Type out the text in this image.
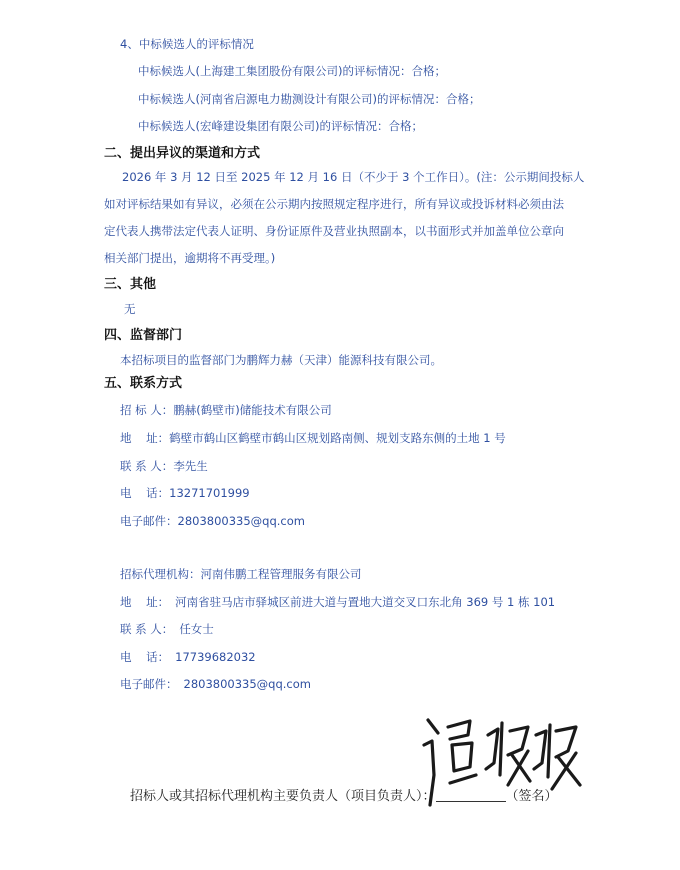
4、中标候选人的评标情况
中标候选人(上海建工集团股份有限公司)的评标情况：合格；
中标候选人(河南省启源电力勘测设计有限公司)的评标情况：合格；
中标候选人(宏峰建设集团有限公司)的评标情况：合格；
二、提出异议的渠道和方式
2026 年 3 月 12 日至 2025 年 12 月 16 日（不少于 3 个工作日）。(注：公示期间投标人
如对评标结果如有异议，必须在公示期内按照规定程序进行，所有异议或投诉材料必须由法
定代表人携带法定代表人证明、身份证原件及营业执照副本，以书面形式并加盖单位公章向
相关部门提出，逾期将不再受理。)
三、其他
无
四、监督部门
本招标项目的监督部门为鹏辉力赫（天津）能源科技有限公司。
五、联系方式
招 标 人：鹏赫(鹤壁市)储能技术有限公司
地    址：鹤壁市鹤山区鹤壁市鹤山区规划路南侧、规划支路东侧的土地 1 号
联 系 人：李先生
电    话：13271701999
电子邮件：2803800335@qq.com
招标代理机构：河南伟鹏工程管理服务有限公司
地    址： 河南省驻马店市驿城区前进大道与置地大道交叉口东北角 369 号 1 栋 101
联 系 人： 任女士
电    话： 17739682032
电子邮件： 2803800335@qq.com
招标人或其招标代理机构主要负责人（项目负责人）：	（签名）
